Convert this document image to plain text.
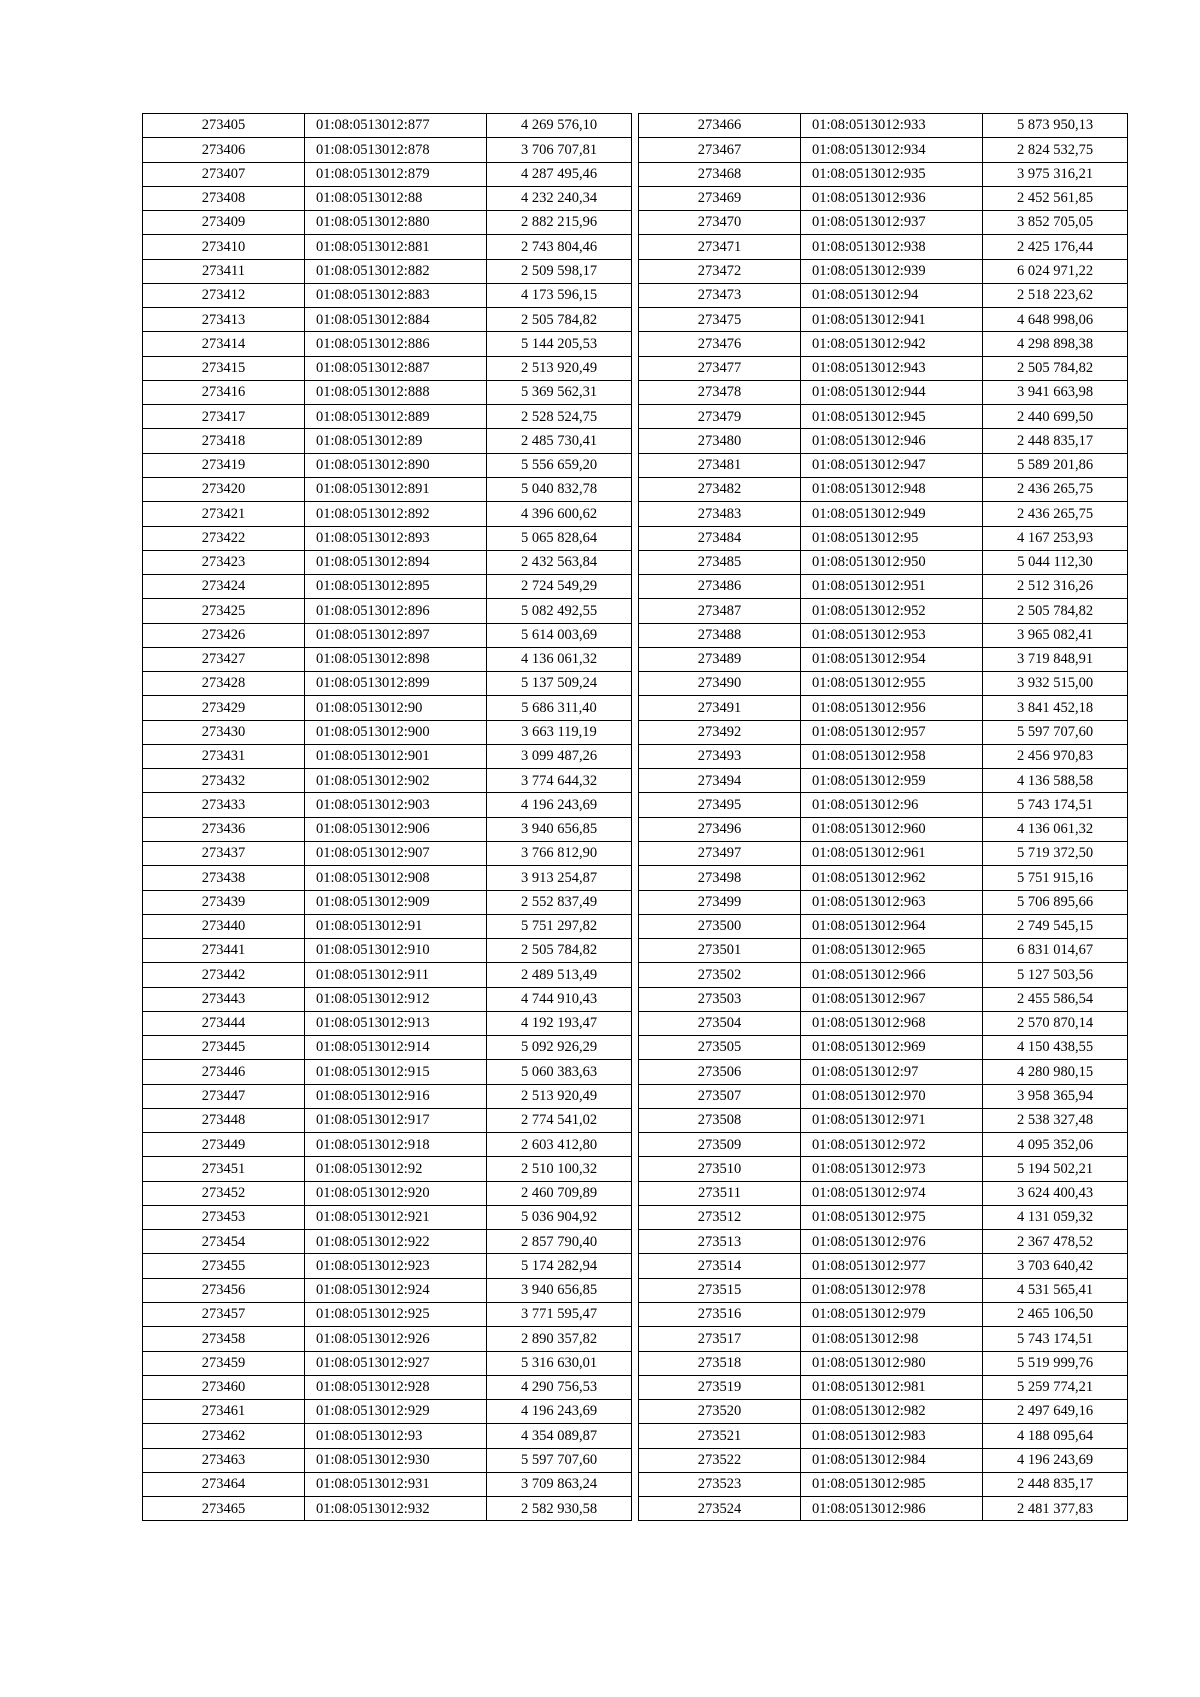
273405	01:08:0513012:877	4 269 576,10
273406	01:08:0513012:878	3 706 707,81
273407	01:08:0513012:879	4 287 495,46
273408	01:08:0513012:88	4 232 240,34
273409	01:08:0513012:880	2 882 215,96
273410	01:08:0513012:881	2 743 804,46
273411	01:08:0513012:882	2 509 598,17
273412	01:08:0513012:883	4 173 596,15
273413	01:08:0513012:884	2 505 784,82
273414	01:08:0513012:886	5 144 205,53
273415	01:08:0513012:887	2 513 920,49
273416	01:08:0513012:888	5 369 562,31
273417	01:08:0513012:889	2 528 524,75
273418	01:08:0513012:89	2 485 730,41
273419	01:08:0513012:890	5 556 659,20
273420	01:08:0513012:891	5 040 832,78
273421	01:08:0513012:892	4 396 600,62
273422	01:08:0513012:893	5 065 828,64
273423	01:08:0513012:894	2 432 563,84
273424	01:08:0513012:895	2 724 549,29
273425	01:08:0513012:896	5 082 492,55
273426	01:08:0513012:897	5 614 003,69
273427	01:08:0513012:898	4 136 061,32
273428	01:08:0513012:899	5 137 509,24
273429	01:08:0513012:90	5 686 311,40
273430	01:08:0513012:900	3 663 119,19
273431	01:08:0513012:901	3 099 487,26
273432	01:08:0513012:902	3 774 644,32
273433	01:08:0513012:903	4 196 243,69
273436	01:08:0513012:906	3 940 656,85
273437	01:08:0513012:907	3 766 812,90
273438	01:08:0513012:908	3 913 254,87
273439	01:08:0513012:909	2 552 837,49
273440	01:08:0513012:91	5 751 297,82
273441	01:08:0513012:910	2 505 784,82
273442	01:08:0513012:911	2 489 513,49
273443	01:08:0513012:912	4 744 910,43
273444	01:08:0513012:913	4 192 193,47
273445	01:08:0513012:914	5 092 926,29
273446	01:08:0513012:915	5 060 383,63
273447	01:08:0513012:916	2 513 920,49
273448	01:08:0513012:917	2 774 541,02
273449	01:08:0513012:918	2 603 412,80
273451	01:08:0513012:92	2 510 100,32
273452	01:08:0513012:920	2 460 709,89
273453	01:08:0513012:921	5 036 904,92
273454	01:08:0513012:922	2 857 790,40
273455	01:08:0513012:923	5 174 282,94
273456	01:08:0513012:924	3 940 656,85
273457	01:08:0513012:925	3 771 595,47
273458	01:08:0513012:926	2 890 357,82
273459	01:08:0513012:927	5 316 630,01
273460	01:08:0513012:928	4 290 756,53
273461	01:08:0513012:929	4 196 243,69
273462	01:08:0513012:93	4 354 089,87
273463	01:08:0513012:930	5 597 707,60
273464	01:08:0513012:931	3 709 863,24
273465	01:08:0513012:932	2 582 930,58
273466	01:08:0513012:933	5 873 950,13
273467	01:08:0513012:934	2 824 532,75
273468	01:08:0513012:935	3 975 316,21
273469	01:08:0513012:936	2 452 561,85
273470	01:08:0513012:937	3 852 705,05
273471	01:08:0513012:938	2 425 176,44
273472	01:08:0513012:939	6 024 971,22
273473	01:08:0513012:94	2 518 223,62
273475	01:08:0513012:941	4 648 998,06
273476	01:08:0513012:942	4 298 898,38
273477	01:08:0513012:943	2 505 784,82
273478	01:08:0513012:944	3 941 663,98
273479	01:08:0513012:945	2 440 699,50
273480	01:08:0513012:946	2 448 835,17
273481	01:08:0513012:947	5 589 201,86
273482	01:08:0513012:948	2 436 265,75
273483	01:08:0513012:949	2 436 265,75
273484	01:08:0513012:95	4 167 253,93
273485	01:08:0513012:950	5 044 112,30
273486	01:08:0513012:951	2 512 316,26
273487	01:08:0513012:952	2 505 784,82
273488	01:08:0513012:953	3 965 082,41
273489	01:08:0513012:954	3 719 848,91
273490	01:08:0513012:955	3 932 515,00
273491	01:08:0513012:956	3 841 452,18
273492	01:08:0513012:957	5 597 707,60
273493	01:08:0513012:958	2 456 970,83
273494	01:08:0513012:959	4 136 588,58
273495	01:08:0513012:96	5 743 174,51
273496	01:08:0513012:960	4 136 061,32
273497	01:08:0513012:961	5 719 372,50
273498	01:08:0513012:962	5 751 915,16
273499	01:08:0513012:963	5 706 895,66
273500	01:08:0513012:964	2 749 545,15
273501	01:08:0513012:965	6 831 014,67
273502	01:08:0513012:966	5 127 503,56
273503	01:08:0513012:967	2 455 586,54
273504	01:08:0513012:968	2 570 870,14
273505	01:08:0513012:969	4 150 438,55
273506	01:08:0513012:97	4 280 980,15
273507	01:08:0513012:970	3 958 365,94
273508	01:08:0513012:971	2 538 327,48
273509	01:08:0513012:972	4 095 352,06
273510	01:08:0513012:973	5 194 502,21
273511	01:08:0513012:974	3 624 400,43
273512	01:08:0513012:975	4 131 059,32
273513	01:08:0513012:976	2 367 478,52
273514	01:08:0513012:977	3 703 640,42
273515	01:08:0513012:978	4 531 565,41
273516	01:08:0513012:979	2 465 106,50
273517	01:08:0513012:98	5 743 174,51
273518	01:08:0513012:980	5 519 999,76
273519	01:08:0513012:981	5 259 774,21
273520	01:08:0513012:982	2 497 649,16
273521	01:08:0513012:983	4 188 095,64
273522	01:08:0513012:984	4 196 243,69
273523	01:08:0513012:985	2 448 835,17
273524	01:08:0513012:986	2 481 377,83
